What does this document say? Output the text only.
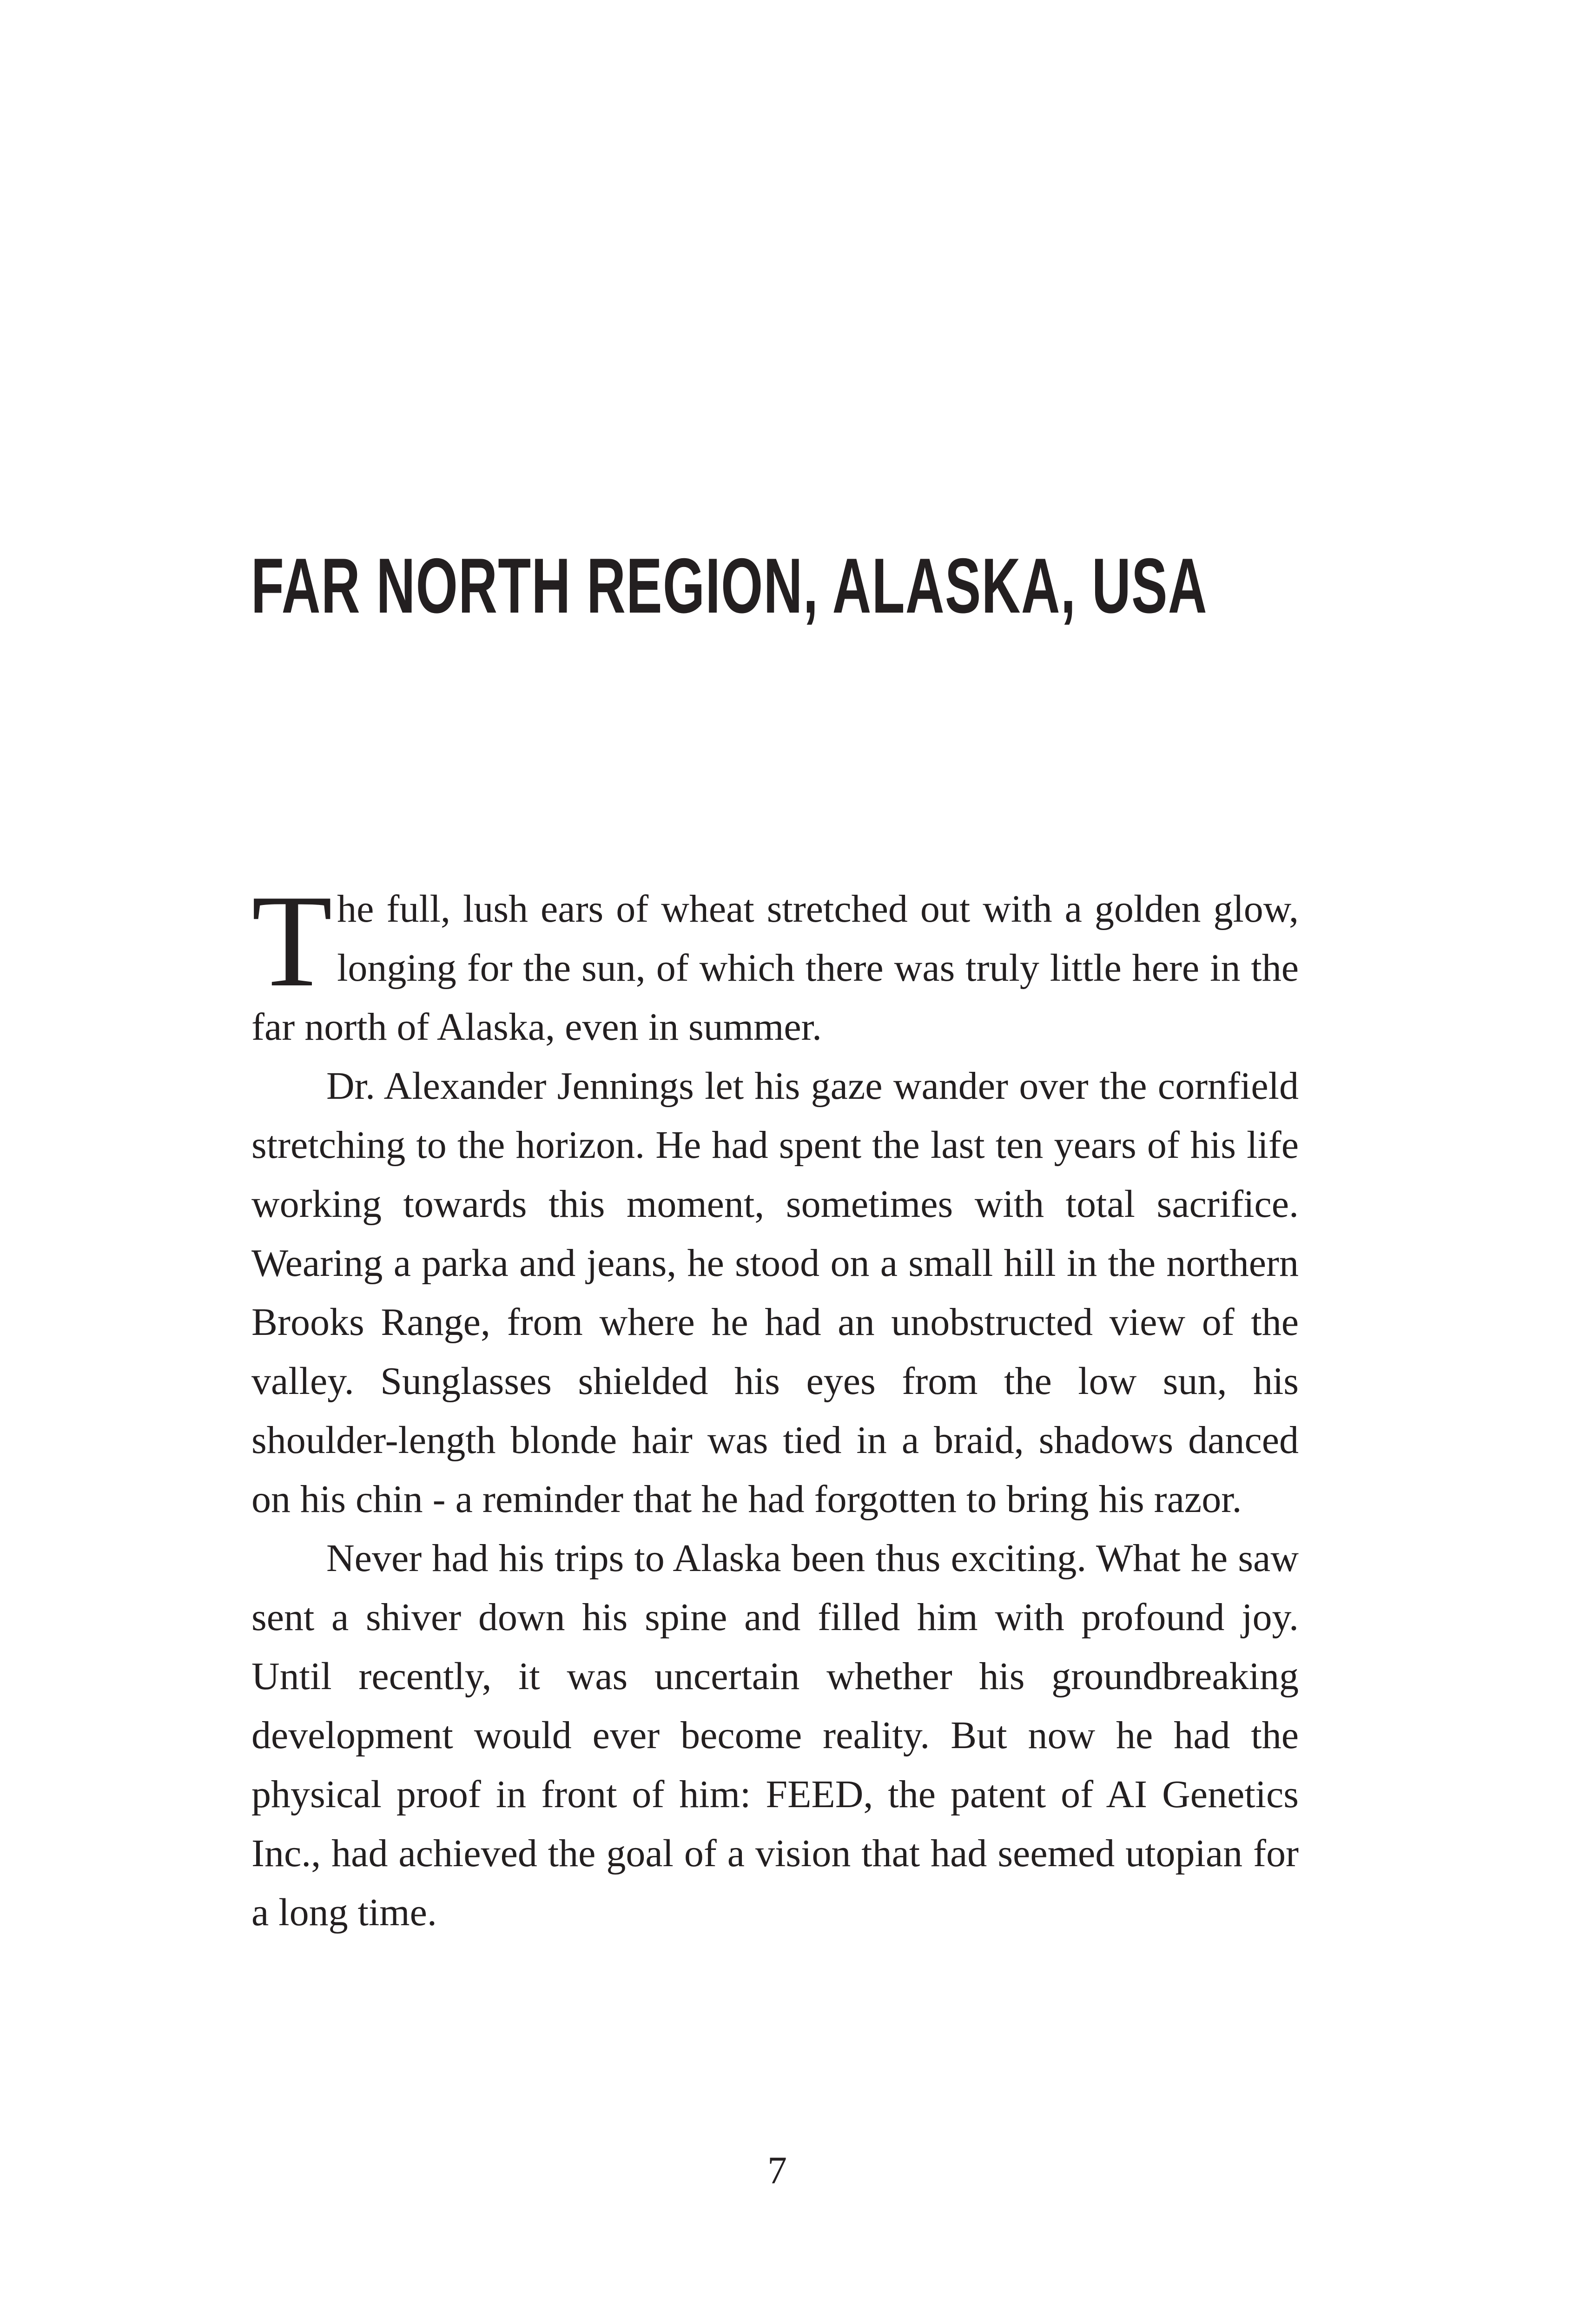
FAR NORTH REGION, ALASKA, USA

The full, lush ears of wheat stretched out with a golden glow, longing for the sun, of which there was truly little here in the far north of Alaska, even in summer.

Dr. Alexander Jennings let his gaze wander over the cornfield stretching to the horizon. He had spent the last ten years of his life working towards this moment, sometimes with total sacrifice. Wearing a parka and jeans, he stood on a small hill in the northern Brooks Range, from where he had an unobstructed view of the valley. Sunglasses shielded his eyes from the low sun, his shoulder-length blonde hair was tied in a braid, shadows danced on his chin - a reminder that he had forgotten to bring his razor.

Never had his trips to Alaska been thus exciting. What he saw sent a shiver down his spine and filled him with profound joy. Until recently, it was uncertain whether his groundbreaking development would ever become reality. But now he had the physical proof in front of him: FEED, the patent of AI Genetics Inc., had achieved the goal of a vision that had seemed utopian for a long time.

7
